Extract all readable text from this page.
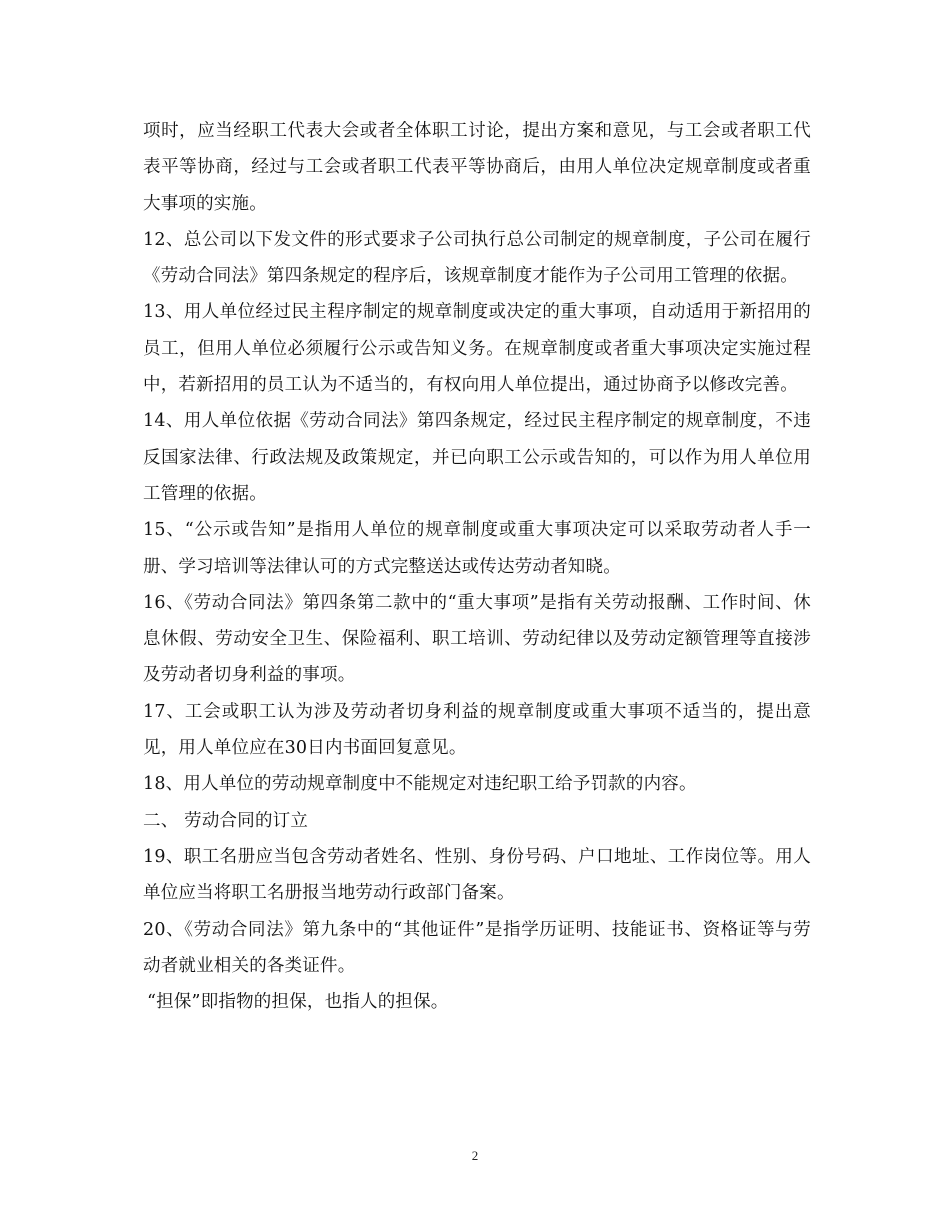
项时，应当经职工代表大会或者全体职工讨论，提出方案和意见，与工会或者职工代表平等协商，经过与工会或者职工代表平等协商后，由用人单位决定规章制度或者重大事项的实施。

12、总公司以下发文件的形式要求子公司执行总公司制定的规章制度，子公司在履行《劳动合同法》第四条规定的程序后，该规章制度才能作为子公司用工管理的依据。

13、用人单位经过民主程序制定的规章制度或决定的重大事项，自动适用于新招用的员工，但用人单位必须履行公示或告知义务。在规章制度或者重大事项决定实施过程中，若新招用的员工认为不适当的，有权向用人单位提出，通过协商予以修改完善。

14、用人单位依据《劳动合同法》第四条规定，经过民主程序制定的规章制度，不违反国家法律、行政法规及政策规定，并已向职工公示或告知的，可以作为用人单位用工管理的依据。

15、“公示或告知”是指用人单位的规章制度或重大事项决定可以采取劳动者人手一册、学习培训等法律认可的方式完整送达或传达劳动者知晓。

16、《劳动合同法》第四条第二款中的“重大事项”是指有关劳动报酬、工作时间、休息休假、劳动安全卫生、保险福利、职工培训、劳动纪律以及劳动定额管理等直接涉及劳动者切身利益的事项。

17、工会或职工认为涉及劳动者切身利益的规章制度或重大事项不适当的，提出意见，用人单位应在30日内书面回复意见。

18、用人单位的劳动规章制度中不能规定对违纪职工给予罚款的内容。

二、 劳动合同的订立

19、职工名册应当包含劳动者姓名、性别、身份号码、户口地址、工作岗位等。用人单位应当将职工名册报当地劳动行政部门备案。

20、《劳动合同法》第九条中的“其他证件”是指学历证明、技能证书、资格证等与劳动者就业相关的各类证件。

“担保”即指物的担保，也指人的担保。

2
